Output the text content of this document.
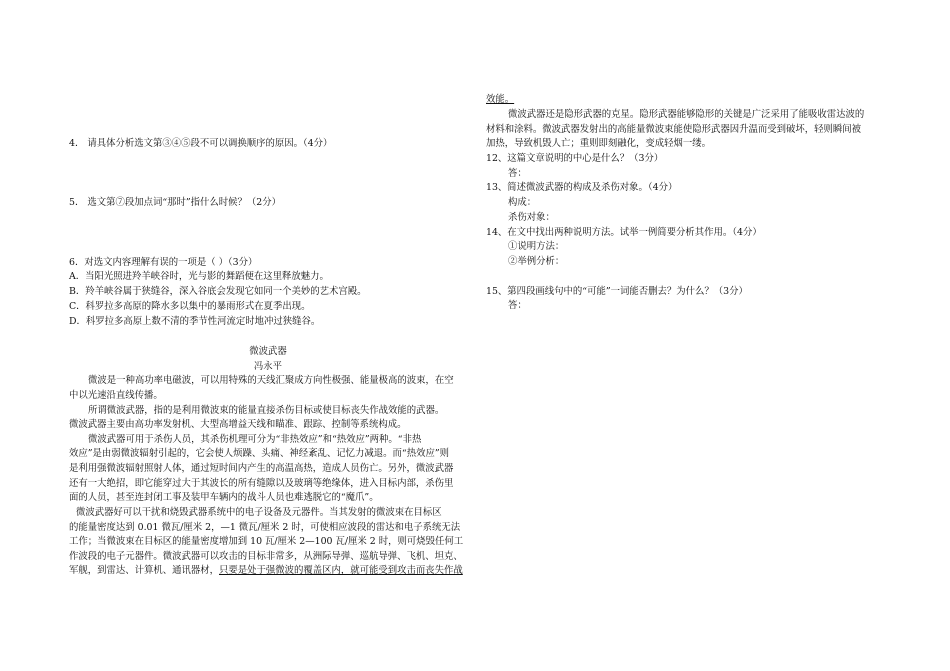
4． 请具体分析选文第③④⑤段不可以调换顺序的原因。（4分）
5． 选文第⑦段加点词“那时”指什么时候？（2分）
6．对选文内容理解有误的一项是（ ）（3分）
A．当阳光照进羚羊峡谷时，光与影的舞蹈便在这里释放魅力。
B．羚羊峡谷属于狭缝谷，深入谷底会发现它如同一个美妙的艺术宫殿。
C．科罗拉多高原的降水多以集中的暴雨形式在夏季出现。
D．科罗拉多高原上数不清的季节性河流定时地冲过狭缝谷。
微波武器
冯永平
微波是一种高功率电磁波，可以用特殊的天线汇聚成方向性极强、能量极高的波束，在空
中以光速沿直线传播。
所谓微波武器，指的是利用微波束的能量直接杀伤目标或使目标丧失作战效能的武器。
微波武器主要由高功率发射机、大型高增益天线和瞄准、跟踪、控制等系统构成。
微波武器可用于杀伤人员，其杀伤机理可分为“非热效应”和“热效应”两种。“非热
效应”是由弱微波辐射引起的，它会使人烦躁、头痛、神经紊乱、记忆力减退。而“热效应”则
是利用强微波辐射照射人体，通过短时间内产生的高温高热，造成人员伤亡。另外，微波武器
还有一大绝招，即它能穿过大于其波长的所有缝隙以及玻璃等绝缘体，进入目标内部，杀伤里
面的人员，甚至连封闭工事及装甲车辆内的战斗人员也难逃脱它的“魔爪”。
微波武器好可以干扰和烧毁武器系统中的电子设备及元器件。当其发射的微波束在目标区
的能量密度达到 0.01 微瓦/厘米 2，—1 微瓦/厘米 2 时，可使相应波段的雷达和电子系统无法
工作；当微波束在目标区的能量密度增加到 10 瓦/厘米 2—100 瓦/厘米 2 时，则可烧毁任何工
作波段的电子元器件。微波武器可以攻击的目标非常多，从洲际导弹、巡航导弹、飞机、坦克、
军舰，到雷达、计算机、通讯器材，只要是处于强微波的覆盖区内，就可能受到攻击而丧失作战
效能。
微波武器还是隐形武器的克星。隐形武器能够隐形的关键是广泛采用了能吸收雷达波的
材料和涂料。微波武器发射出的高能量微波束能使隐形武器因升温而受到破坏，轻则瞬间被
加热，导致机毁人亡；重则即刻融化，变成轻烟一缕。
12、这篇文章说明的中心是什么？（3分）
答：
13、简述微波武器的构成及杀伤对象。（4分）
构成：
杀伤对象：
14、在文中找出两种说明方法。试举一例简要分析其作用。（4分）
①说明方法：
②举例分析：
15、第四段画线句中的“可能”一词能否删去？为什么？（3分）
答：
